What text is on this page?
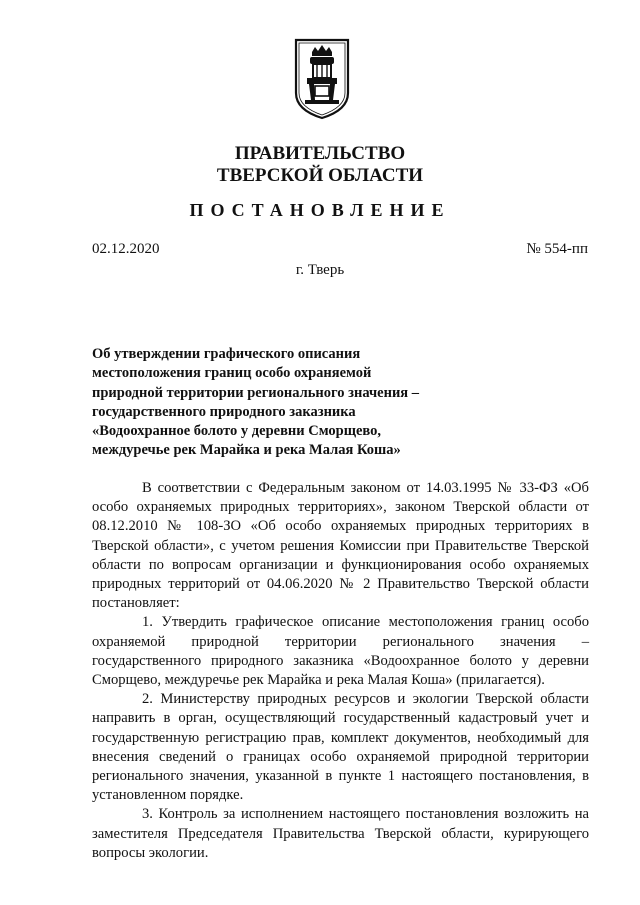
ПРАВИТЕЛЬСТВО
ТВЕРСКОЙ ОБЛАСТИ
ПОСТАНОВЛЕНИЕ
02.12.2020	№ 554-пп
г. Тверь
Об утверждении графического описания
местоположения границ особо охраняемой
природной территории регионального значения –
государственного природного заказника
«Водоохранное болото у деревни Сморщево,
междуречье рек Марайка и река Малая Коша»

В соответствии с Федеральным законом от 14.03.1995 № 33-ФЗ «Об особо охраняемых природных территориях», законом Тверской области от 08.12.2010 № 108-ЗО «Об особо охраняемых природных территориях в Тверской области», с учетом решения Комиссии при Правительстве Тверской области по вопросам организации и функционирования особо охраняемых природных территорий от 04.06.2020 № 2 Правительство Тверской области постановляет:

1. Утвердить графическое описание местоположения границ особо охраняемой природной территории регионального значения – государственного природного заказника «Водоохранное болото у деревни Сморщево, междуречье рек Марайка и река Малая Коша» (прилагается).

2. Министерству природных ресурсов и экологии Тверской области направить в орган, осуществляющий государственный кадастровый учет и государственную регистрацию прав, комплект документов, необходимый для внесения сведений о границах особо охраняемой природной территории регионального значения, указанной в пункте 1 настоящего постановления, в установленном порядке.

3. Контроль за исполнением настоящего постановления возложить на заместителя Председателя Правительства Тверской области, курирующего вопросы экологии.
